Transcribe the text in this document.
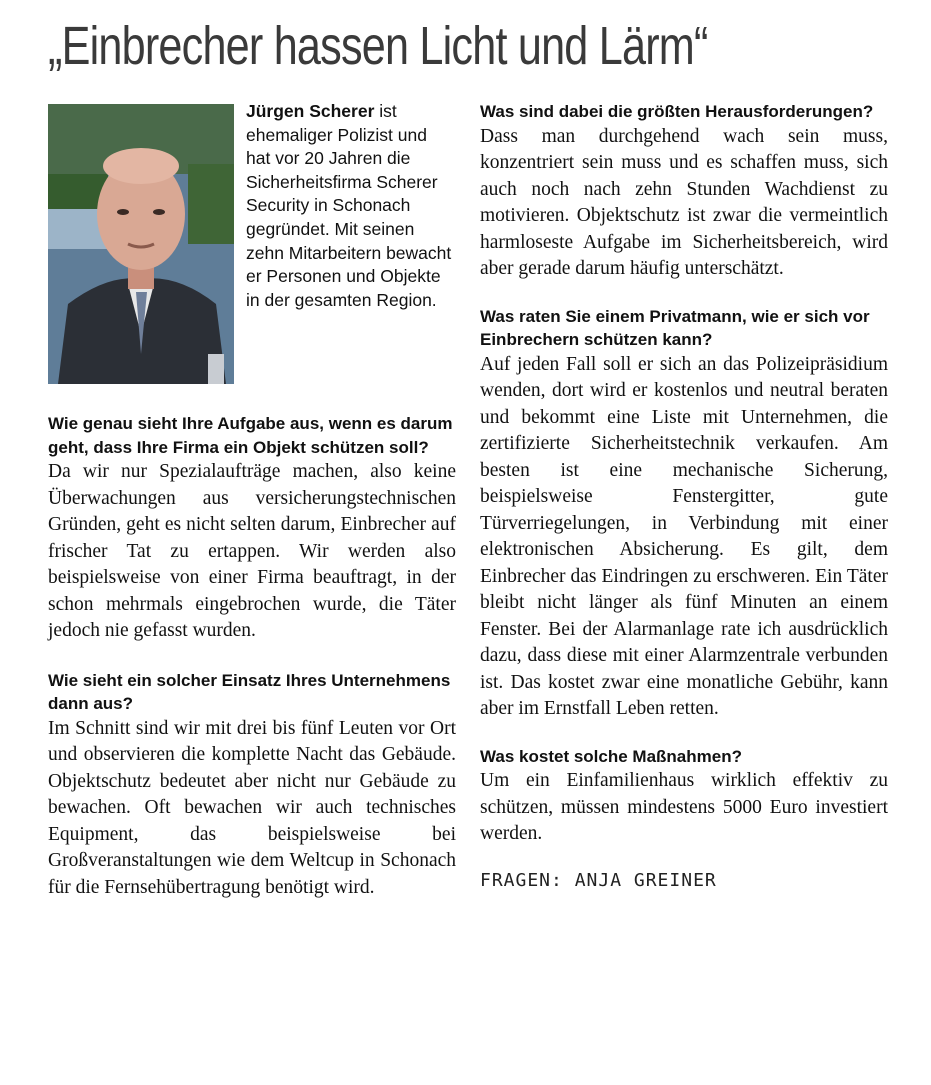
„Einbrecher hassen Licht und Lärm“
Jürgen Scherer ist ehemaliger Polizist und hat vor 20 Jahren die Sicherheitsfirma Scherer Security in Schonach gegründet. Mit seinen zehn Mitarbeitern bewacht er Personen und Objekte in der gesamten Region.

Wie genau sieht Ihre Aufgabe aus, wenn es darum geht, dass Ihre Firma ein Objekt schützen soll?

Da wir nur Spezialaufträge machen, also keine Überwachungen aus versicherungstechnischen Gründen, geht es nicht selten darum, Einbrecher auf frischer Tat zu ertappen. Wir werden also beispielsweise von einer Firma beauftragt, in der schon mehrmals eingebrochen wurde, die Täter jedoch nie gefasst wurden.

Wie sieht ein solcher Einsatz Ihres Unternehmens dann aus?

Im Schnitt sind wir mit drei bis fünf Leuten vor Ort und observieren die komplette Nacht das Gebäude. Objektschutz bedeutet aber nicht nur Gebäude zu bewachen. Oft bewachen wir auch technisches Equipment, das beispielsweise bei Großveranstaltungen wie dem Weltcup in Schonach für die Fernsehübertragung benötigt wird.

Was sind dabei die größten Herausforderungen?

Dass man durchgehend wach sein muss, konzentriert sein muss und es schaffen muss, sich auch noch nach zehn Stunden Wachdienst zu motivieren. Objektschutz ist zwar die vermeintlich harmloseste Aufgabe im Sicherheitsbereich, wird aber gerade darum häufig unterschätzt.

Was raten Sie einem Privatmann, wie er sich vor Einbrechern schützen kann?

Auf jeden Fall soll er sich an das Polizeipräsidium wenden, dort wird er kostenlos und neutral beraten und bekommt eine Liste mit Unternehmen, die zertifizierte Sicherheitstechnik verkaufen. Am besten ist eine mechanische Sicherung, beispielsweise Fenstergitter, gute Türverriegelungen, in Verbindung mit einer elektronischen Absicherung. Es gilt, dem Einbrecher das Eindringen zu erschweren. Ein Täter bleibt nicht länger als fünf Minuten an einem Fenster. Bei der Alarmanlage rate ich ausdrücklich dazu, dass diese mit einer Alarmzentrale verbunden ist. Das kostet zwar eine monatliche Gebühr, kann aber im Ernstfall Leben retten.

Was kostet solche Maßnahmen?

Um ein Einfamilienhaus wirklich effektiv zu schützen, müssen mindestens 5000 Euro investiert werden.

FRAGEN: ANJA GREINER
